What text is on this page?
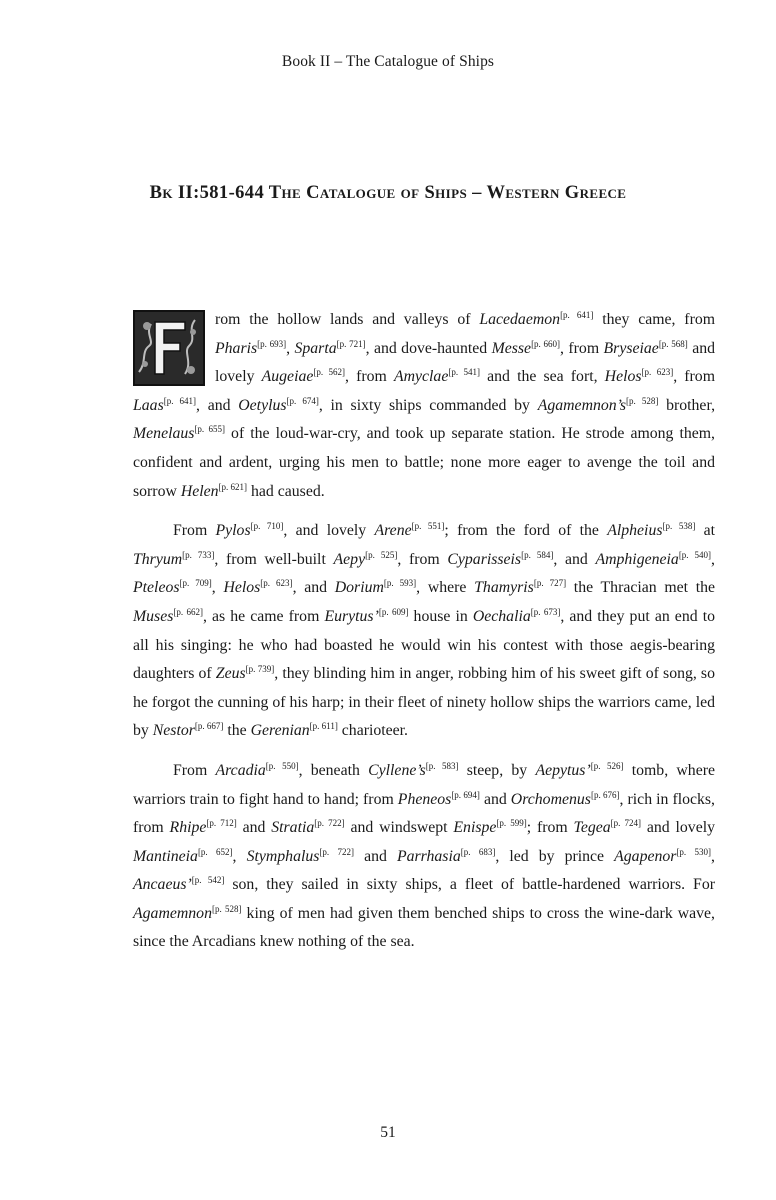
Book II – The Catalogue of Ships
Bk II:581-644 The Catalogue of Ships – Western Greece

rom the hollow lands and valleys of Lacedaemon[p. 641] they came, from Pharis[p. 693], Sparta[p. 721], and dove-haunted Messe[p. 660], from Bryseiae[p. 568] and lovely Augeiae[p. 562], from Amyclae[p. 541] and the sea fort, Helos[p. 623], from Laas[p. 641], and Oetylus[p. 674], in sixty ships commanded by Agamemnon’s[p. 528] brother, Menelaus[p. 655] of the loud-war-cry, and took up separate station. He strode among them, confident and ardent, urging his men to battle; none more eager to avenge the toil and sorrow Helen[p. 621] had caused.

From Pylos[p. 710], and lovely Arene[p. 551]; from the ford of the Alpheius[p. 538] at Thryum[p. 733], from well-built Aepy[p. 525], from Cyparisseis[p. 584], and Amphigeneia[p. 540], Pteleos[p. 709], Helos[p. 623], and Dorium[p. 593], where Thamyris[p. 727] the Thracian met the Muses[p. 662], as he came from Eurytus’[p. 609] house in Oechalia[p. 673], and they put an end to all his singing: he who had boasted he would win his contest with those aegis-bearing daughters of Zeus[p. 739], they blinding him in anger, robbing him of his sweet gift of song, so he forgot the cunning of his harp; in their fleet of ninety hollow ships the warriors came, led by Nestor[p. 667] the Gerenian[p. 611] charioteer.

From Arcadia[p. 550], beneath Cyllene’s[p. 583] steep, by Aepytus’[p. 526] tomb, where warriors train to fight hand to hand; from Pheneos[p. 694] and Orchomenus[p. 676], rich in flocks, from Rhipe[p. 712] and Stratia[p. 722] and windswept Enispe[p. 599]; from Tegea[p. 724] and lovely Mantineia[p. 652], Stymphalus[p. 722] and Parrhasia[p. 683], led by prince Agapenor[p. 530], Ancaeus’[p. 542] son, they sailed in sixty ships, a fleet of battle-hardened warriors. For Agamemnon[p. 528] king of men had given them benched ships to cross the wine-dark wave, since the Arcadians knew nothing of the sea.

51
